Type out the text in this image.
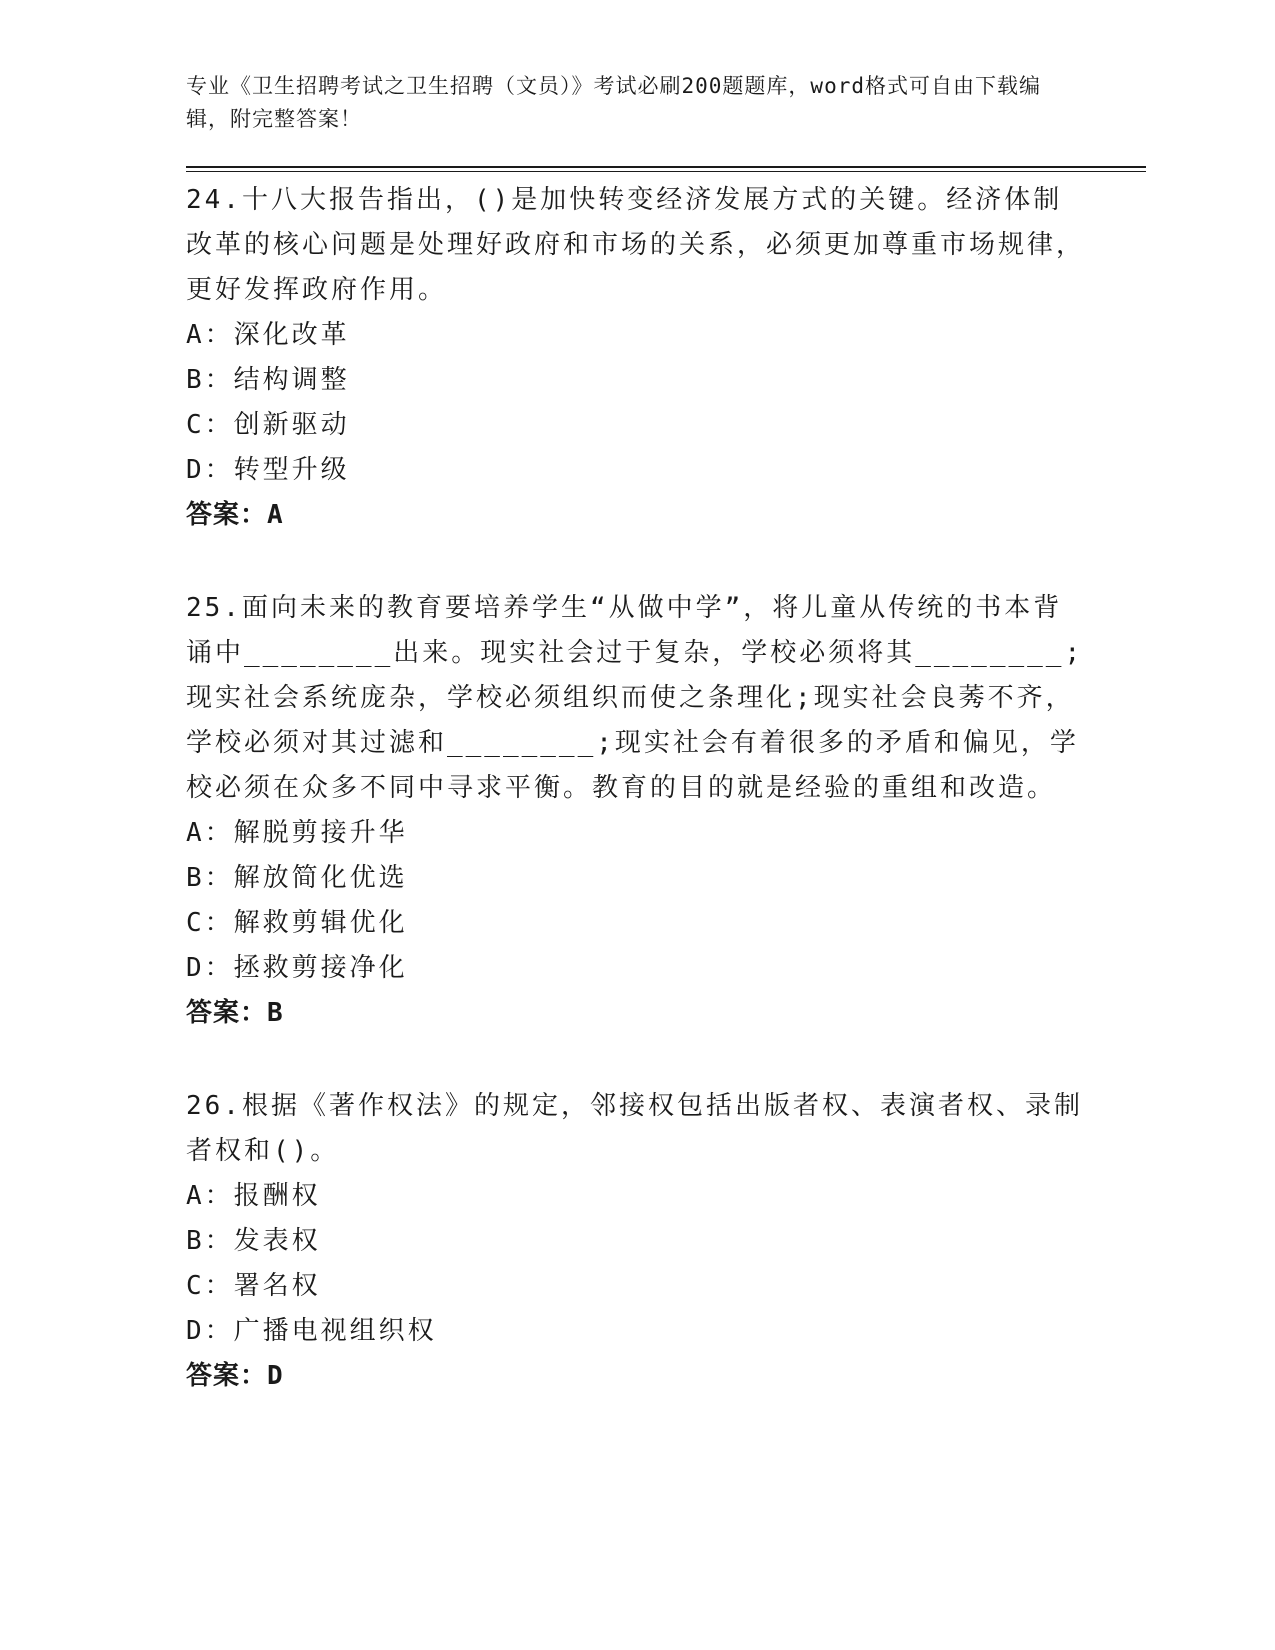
专业《卫生招聘考试之卫生招聘（文员）》考试必刷200题题库，word格式可自由下载编辑，附完整答案！

24.十八大报告指出，()是加快转变经济发展方式的关键。经济体制改革的核心问题是处理好政府和市场的关系，必须更加尊重市场规律，更好发挥政府作用。

A：深化改革

B：结构调整

C：创新驱动

D：转型升级

答案：A

25.面向未来的教育要培养学生“从做中学”，将儿童从传统的书本背诵中________出来。现实社会过于复杂，学校必须将其________;现实社会系统庞杂，学校必须组织而使之条理化;现实社会良莠不齐，学校必须对其过滤和________;现实社会有着很多的矛盾和偏见，学校必须在众多不同中寻求平衡。教育的目的就是经验的重组和改造。

A：解脱剪接升华

B：解放简化优选

C：解救剪辑优化

D：拯救剪接净化

答案：B

26.根据《著作权法》的规定，邻接权包括出版者权、表演者权、录制者权和()。

A：报酬权

B：发表权

C：署名权

D：广播电视组织权

答案：D
